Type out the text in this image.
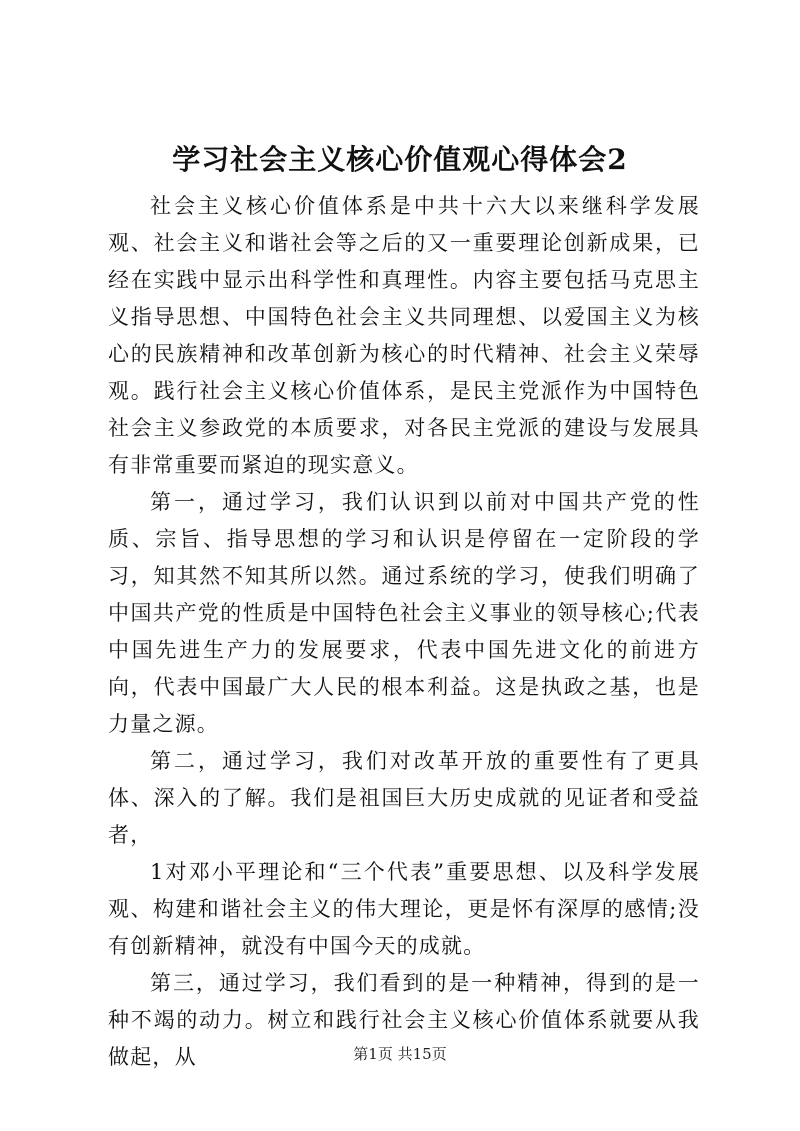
学习社会主义核心价值观心得体会2

社会主义核心价值体系是中共十六大以来继科学发展观、社会主义和谐社会等之后的又一重要理论创新成果，已经在实践中显示出科学性和真理性。内容主要包括马克思主义指导思想、中国特色社会主义共同理想、以爱国主义为核心的民族精神和改革创新为核心的时代精神、社会主义荣辱观。践行社会主义核心价值体系，是民主党派作为中国特色社会主义参政党的本质要求，对各民主党派的建设与发展具有非常重要而紧迫的现实意义。

第一，通过学习，我们认识到以前对中国共产党的性质、宗旨、指导思想的学习和认识是停留在一定阶段的学习，知其然不知其所以然。通过系统的学习，使我们明确了中国共产党的性质是中国特色社会主义事业的领导核心;代表中国先进生产力的发展要求，代表中国先进文化的前进方向，代表中国最广大人民的根本利益。这是执政之基，也是力量之源。

第二，通过学习，我们对改革开放的重要性有了更具体、深入的了解。我们是祖国巨大历史成就的见证者和受益者，

1对邓小平理论和“三个代表”重要思想、以及科学发展观、构建和谐社会主义的伟大理论，更是怀有深厚的感情;没有创新精神，就没有中国今天的成就。

第三，通过学习，我们看到的是一种精神，得到的是一种不竭的动力。树立和践行社会主义核心价值体系就要从我做起，从	第1页 共15页
